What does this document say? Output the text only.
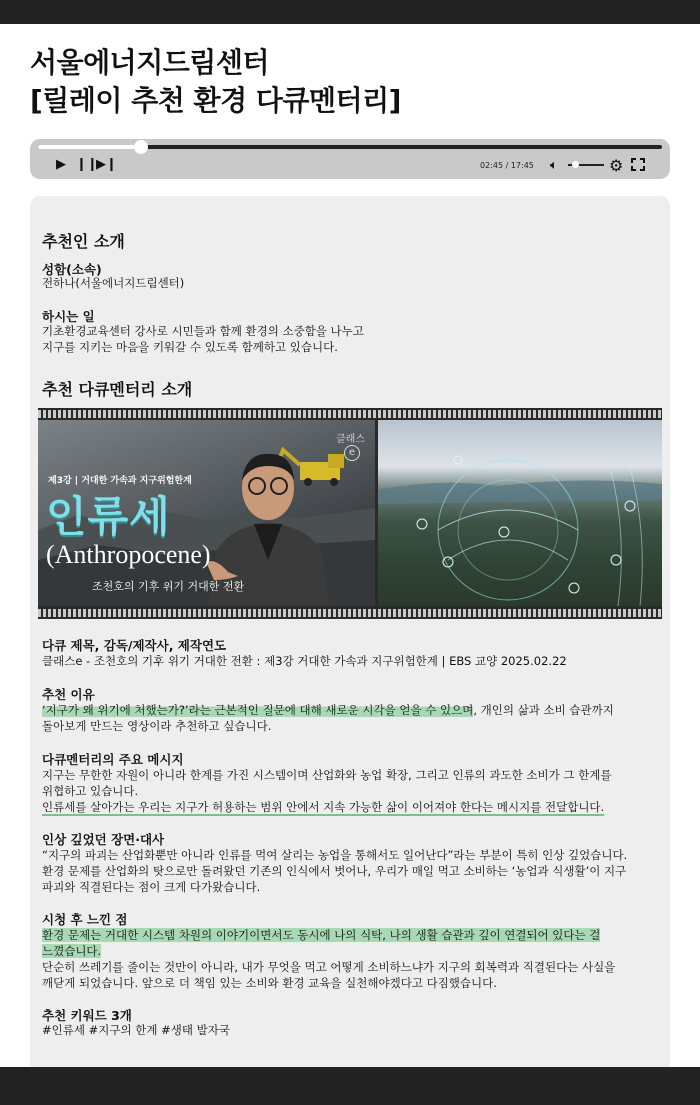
서울에너지드림센터
[릴레이 추천 환경 다큐멘터리]
▶ ❙❙
▶❙	02:45 / 17:45 🔈︎	⚙
추천인 소개
성함(소속)
전하나(서울에너지드림센터)
하시는 일
기초환경교육센터 강사로 시민들과 함께 환경의 소중함을 나누고
지구를 지키는 마음을 키워갈 수 있도록 함께하고 있습니다.
추천 다큐멘터리 소개
클래스
e
제3강 | 거대한 가속과 지구위험한계
인류세
(Anthropocene)
조천호의 기후 위기 거대한 전환
다큐 제목, 감독/제작사, 제작연도
클래스e - 조천호의 기후 위기 거대한 전환 : 제3강 거대한 가속과 지구위험한계 | EBS 교양 2025.02.22
추천 이유
‘지구가 왜 위기에 처했는가?’라는 근본적인 질문에 대해 새로운 시각을 얻을 수 있으며, 개인의 삶과 소비 습관까지
돌아보게 만드는 영상이라 추천하고 싶습니다.
다큐멘터리의 주요 메시지
지구는 무한한 자원이 아니라 한계를 가진 시스템이며 산업화와 농업 확장, 그리고 인류의 과도한 소비가 그 한계를
위협하고 있습니다.
인류세를 살아가는 우리는 지구가 허용하는 범위 안에서 지속 가능한 삶이 이어져야 한다는 메시지를 전달합니다.
인상 깊었던 장면·대사
“지구의 파괴는 산업화뿐만 아니라 인류를 먹여 살리는 농업을 통해서도 일어난다”라는 부분이 특히 인상 깊었습니다.
환경 문제를 산업화의 탓으로만 돌려왔던 기존의 인식에서 벗어나, 우리가 매일 먹고 소비하는 ‘농업과 식생활’이 지구
파괴와 직결된다는 점이 크게 다가왔습니다.
시청 후 느낀 점
환경 문제는 거대한 시스템 차원의 이야기이면서도 동시에 나의 식탁, 나의 생활 습관과 깊이 연결되어 있다는 걸
느꼈습니다.
단순히 쓰레기를 줄이는 것만이 아니라, 내가 무엇을 먹고 어떻게 소비하느냐가 지구의 회복력과 직결된다는 사실을
깨닫게 되었습니다. 앞으로 더 책임 있는 소비와 환경 교육을 실천해야겠다고 다짐했습니다.
추천 키워드 3개
#인류세 #지구의 한계 #생태 발자국
